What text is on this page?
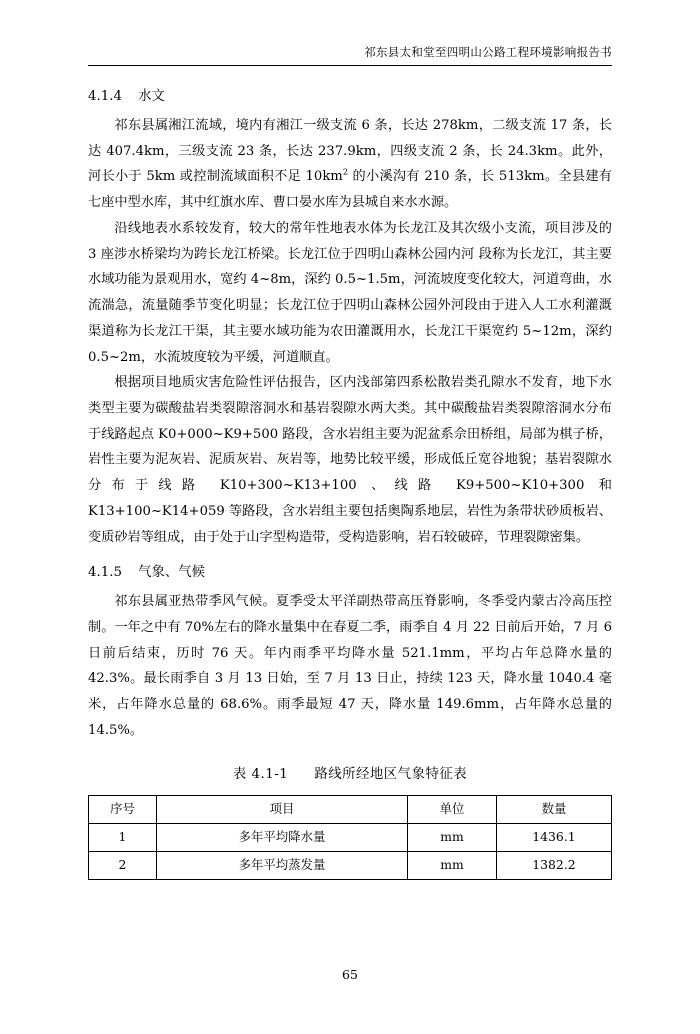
祁东县太和堂至四明山公路工程环境影响报告书
4.1.4 水文

祁东县属湘江流域，境内有湘江一级支流 6 条，长达 278km，二级支流 17 条，长达 407.4km，三级支流 23 条，长达 237.9km，四级支流 2 条，长 24.3km。此外，河长小于 5km 或控制流域面积不足 $10km^2$ 的小溪沟有 210 条，长 513km。全县建有七座中型水库，其中红旗水库、曹口晏水库为县城自来水水源。

沿线地表水系较发育，较大的常年性地表水体为长龙江及其次级小支流，项目涉及的 3 座涉水桥梁均为跨长龙江桥梁。长龙江位于四明山森林公园内河 段称为长龙江，其主要水域功能为景观用水，宽约 4~8m，深约 0.5~1.5m，河流坡度变化较大，河道弯曲，水流湍急，流量随季节变化明显；长龙江位于四明山森林公园外河段由于进入人工水利灌溉渠道称为长龙江干渠，其主要水域功能为农田灌溉用水，长龙江干渠宽约 5~12m，深约 0.5~2m，水流坡度较为平缓，河道顺直。

根据项目地质灾害危险性评估报告，区内浅部第四系松散岩类孔隙水不发育，地下水类型主要为碳酸盐岩类裂隙溶洞水和基岩裂隙水两大类。其中碳酸盐岩类裂隙溶洞水分布于线路起点 K0+000~K9+500 路段，含水岩组主要为泥盆系佘田桥组，局部为棋子桥，岩性主要为泥灰岩、泥质灰岩、灰岩等，地势比较平缓，形成低丘宽谷地貌；基岩裂隙水分布于线路 K10+300~K13+100 、线路 K9+500~K10+300 和 K13+100~K14+059 等路段，含水岩组主要包括奥陶系地层，岩性为条带状砂质板岩、变质砂岩等组成，由于处于山字型构造带，受构造影响，岩石较破碎，节理裂隙密集。

4.1.5 气象、气候

祁东县属亚热带季风气候。夏季受太平洋副热带高压脊影响，冬季受内蒙古冷高压控制。一年之中有 70%左右的降水量集中在春夏二季，雨季自 4 月 22 日前后开始，7 月 6 日前后结束，历时 76 天。年内雨季平均降水量 521.1mm，平均占年总降水量的 42.3%。最长雨季自 3 月 13 日始，至 7 月 13 日止，持续 123 天，降水量 1040.4 毫米，占年降水总量的 68.6%。雨季最短 47 天，降水量 149.6mm，占年降水总量的 14.5%。

表 4.1-1 路线所经地区气象特征表
序号	项目	单位	数量
1	多年平均降水量	mm	1436.1
2	多年平均蒸发量	mm	1382.2
65
